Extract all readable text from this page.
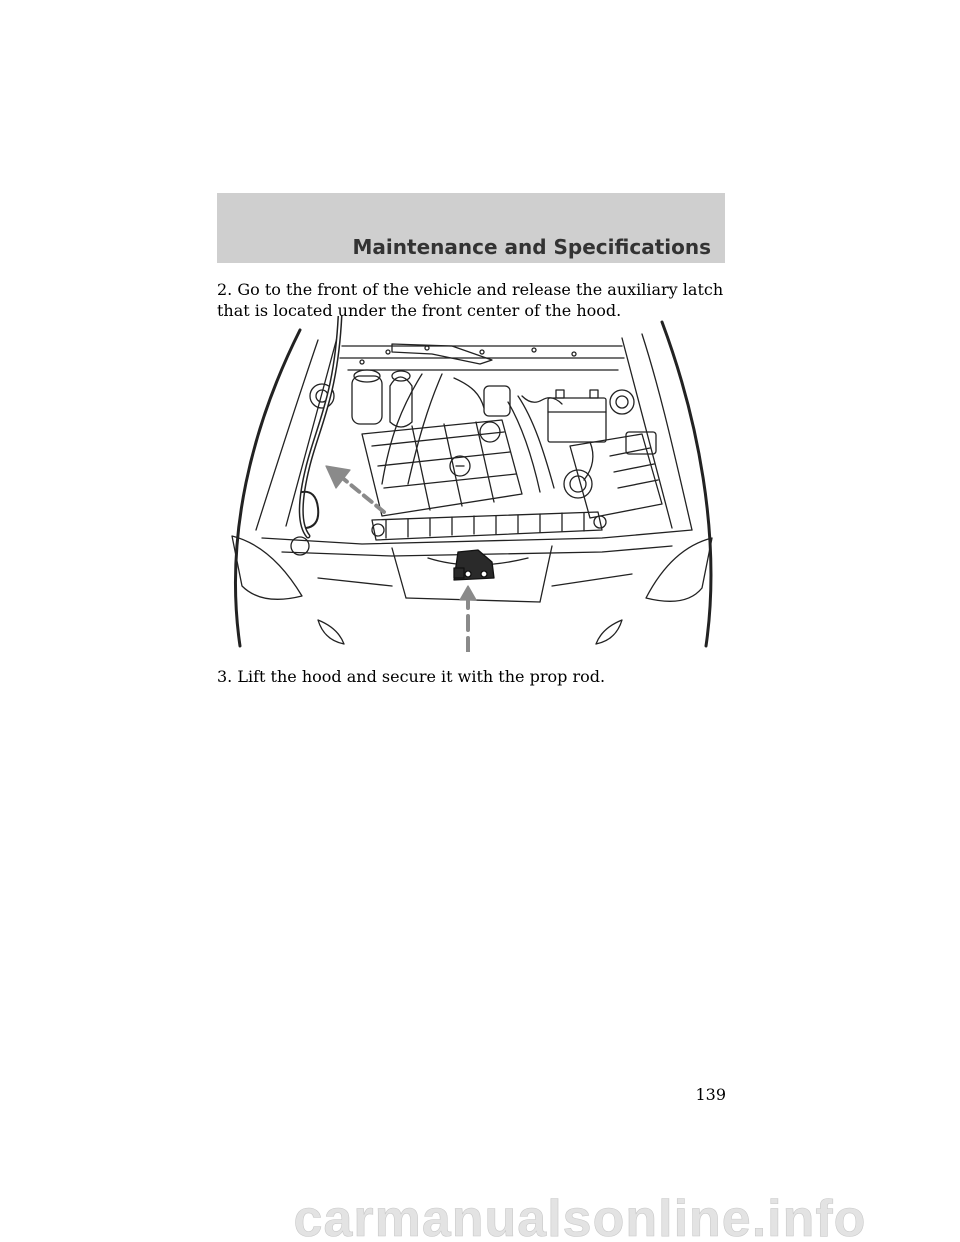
Maintenance and Specifications

2. Go to the front of the vehicle and release the auxiliary latch that is located under the front center of the hood.

3. Lift the hood and secure it with the prop rod.

139
carmanualsonline.info
